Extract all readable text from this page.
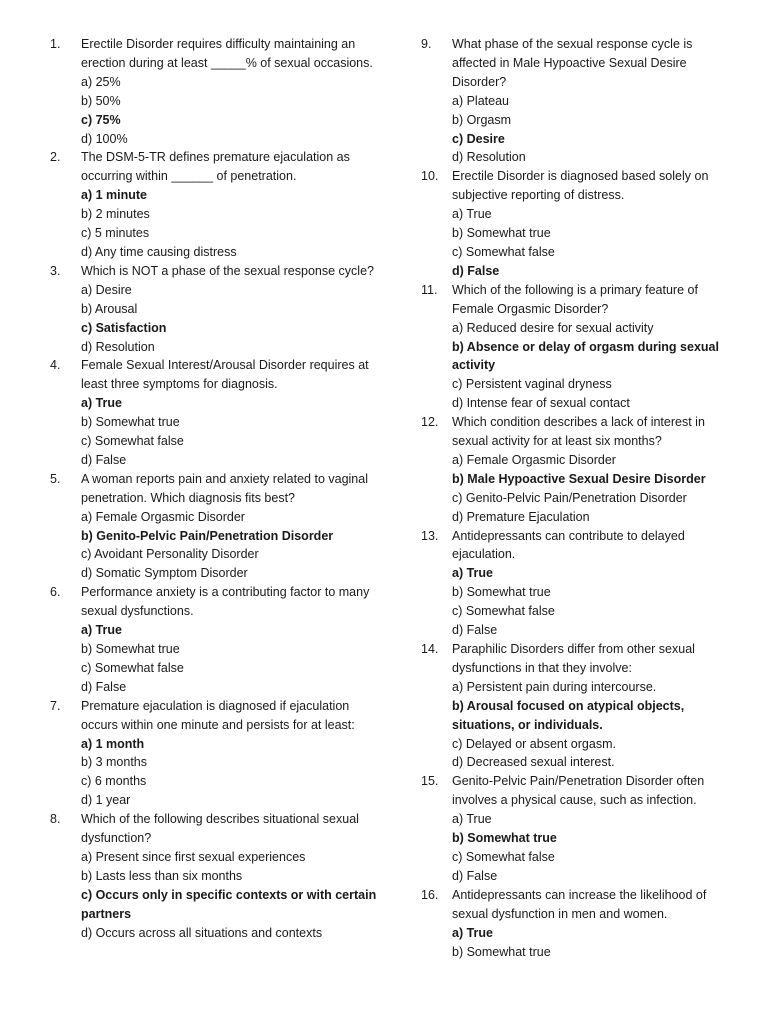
1.	Erectile Disorder requires difficulty maintaining an erection during at least _____% of sexual occasions.
a) 25%
b) 50%
c) 75%
d) 100%
2.	The DSM-5-TR defines premature ejaculation as occurring within ______ of penetration.
a) 1 minute
b) 2 minutes
c) 5 minutes
d) Any time causing distress
3.	Which is NOT a phase of the sexual response cycle?
a) Desire
b) Arousal
c) Satisfaction
d) Resolution
4.	Female Sexual Interest/Arousal Disorder requires at least three symptoms for diagnosis.
a) True
b) Somewhat true
c) Somewhat false
d) False
5.	A woman reports pain and anxiety related to vaginal penetration. Which diagnosis fits best?
a) Female Orgasmic Disorder
b) Genito-Pelvic Pain/Penetration Disorder
c) Avoidant Personality Disorder
d) Somatic Symptom Disorder
6.	Performance anxiety is a contributing factor to many sexual dysfunctions.
a) True
b) Somewhat true
c) Somewhat false
d) False
7.	Premature ejaculation is diagnosed if ejaculation occurs within one minute and persists for at least:
a) 1 month
b) 3 months
c) 6 months
d) 1 year
8.	Which of the following describes situational sexual dysfunction?
a) Present since first sexual experiences
b) Lasts less than six months
c) Occurs only in specific contexts or with certain partners
d) Occurs across all situations and contexts
9.	What phase of the sexual response cycle is affected in Male Hypoactive Sexual Desire Disorder?
a) Plateau
b) Orgasm
c) Desire
d) Resolution
10.	Erectile Disorder is diagnosed based solely on subjective reporting of distress.
a) True
b) Somewhat true
c) Somewhat false
d) False
11.	Which of the following is a primary feature of Female Orgasmic Disorder?
a) Reduced desire for sexual activity
b) Absence or delay of orgasm during sexual activity
c) Persistent vaginal dryness
d) Intense fear of sexual contact
12.	Which condition describes a lack of interest in sexual activity for at least six months?
a) Female Orgasmic Disorder
b) Male Hypoactive Sexual Desire Disorder
c) Genito-Pelvic Pain/Penetration Disorder
d) Premature Ejaculation
13.	Antidepressants can contribute to delayed ejaculation.
a) True
b) Somewhat true
c) Somewhat false
d) False
14.	Paraphilic Disorders differ from other sexual dysfunctions in that they involve:
a) Persistent pain during intercourse.
b) Arousal focused on atypical objects, situations, or individuals.
c) Delayed or absent orgasm.
d) Decreased sexual interest.
15.	Genito-Pelvic Pain/Penetration Disorder often involves a physical cause, such as infection.
a) True
b) Somewhat true
c) Somewhat false
d) False
16.	Antidepressants can increase the likelihood of sexual dysfunction in men and women.
a) True
b) Somewhat true
